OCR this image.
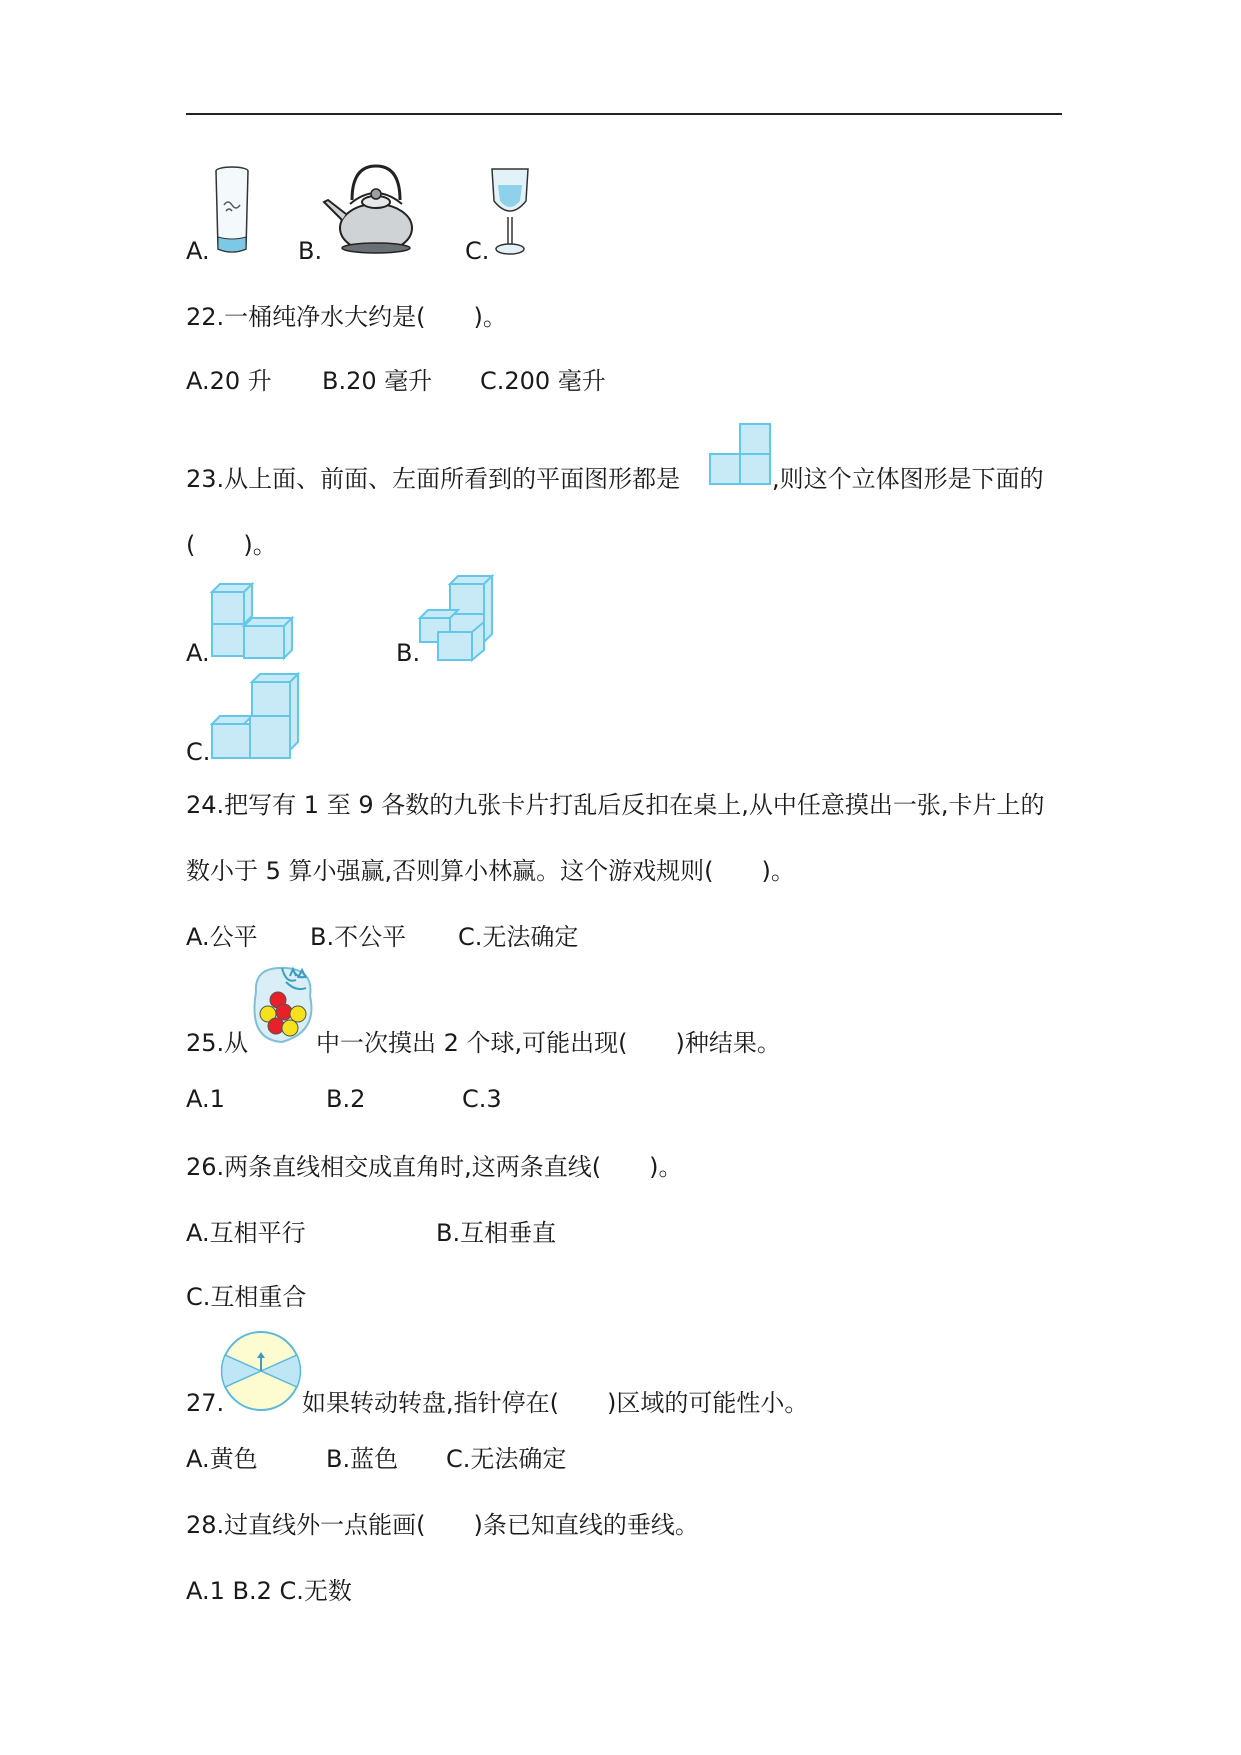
A.	B.	C.
22.一桶纯净水大约是(　　)。
A.20 升 B.20 毫升 C.200 毫升
23.从上面、前面、左面所看到的平面图形都是	,则这个立体图形是下面的
(　　)。
A.	B.
C.
24.把写有 1 至 9 各数的九张卡片打乱后反扣在桌上,从中任意摸出一张,卡片上的
数小于 5 算小强赢,否则算小林赢。这个游戏规则(　　)。
A.公平 B.不公平 C.无法确定
25.从	中一次摸出 2 个球,可能出现(　　)种结果。
A.1	B.2	C.3
26.两条直线相交成直角时,这两条直线(　　)。
A.互相平行	B.互相垂直
C.互相重合
27.	如果转动转盘,指针停在(　　)区域的可能性小。
A.黄色	B.蓝色 C.无法确定
28.过直线外一点能画(　　)条已知直线的垂线。
A.1 B.2 C.无数
